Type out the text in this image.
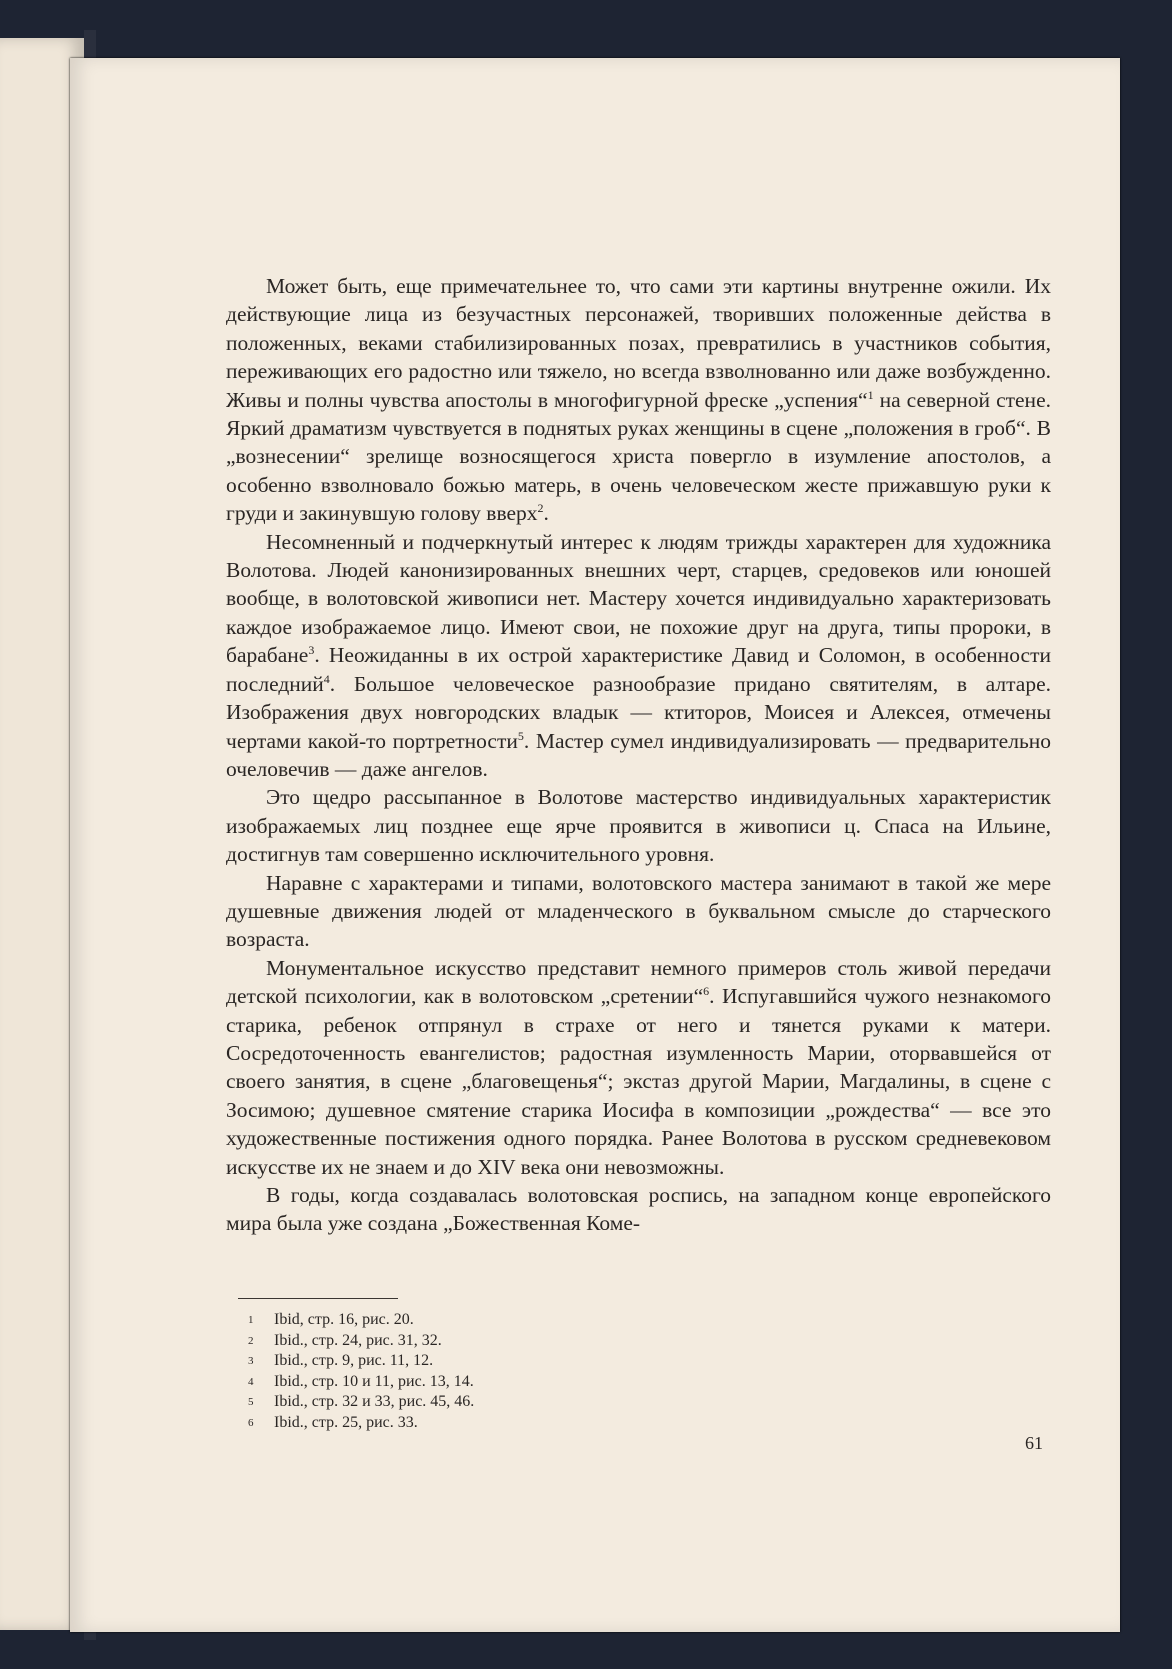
Может быть, еще примечательнее то, что сами эти картины внутренне ожили. Их действующие лица из безучастных персонажей, творивших положенные действа в положенных, веками стабилизированных позах, превратились в участников события, переживающих его радостно или тяжело, но всегда взволнованно или даже возбужденно. Живы и полны чувства апостолы в многофигурной фреске „успения“$^1$ на северной стене. Яркий драматизм чувствуется в поднятых руках женщины в сцене „положения в гроб“. В „вознесении“ зрелище возносящегося христа повергло в изумление апостолов, а особенно взволновало божью матерь, в очень человеческом жесте прижавшую руки к груди и закинувшую голову вверх$^2$.

Несомненный и подчеркнутый интерес к людям трижды характерен для художника Волотова. Людей канонизированных внешних черт, старцев, средовеков или юношей вообще, в волотовской живописи нет. Мастеру хочется индивидуально характеризовать каждое изображаемое лицо. Имеют свои, не похожие друг на друга, типы пророки, в барабане$^3$. Неожиданны в их острой характеристике Давид и Соломон, в особенности последний$^4$. Большое человеческое разнообразие придано святителям, в алтаре. Изображения двух новгородских владык — ктиторов, Моисея и Алексея, отмечены чертами какой-то портретности$^5$. Мастер сумел индивидуализировать — предварительно очеловечив — даже ангелов.

Это щедро рассыпанное в Волотове мастерство индивидуальных характеристик изображаемых лиц позднее еще ярче проявится в живописи ц. Спаса на Ильине, достигнув там совершенно исключительного уровня.

Наравне с характерами и типами, волотовского мастера занимают в такой же мере душевные движения людей от младенческого в буквальном смысле до старческого возраста.

Монументальное искусство представит немного примеров столь живой передачи детской психологии, как в волотовском „сретении“$^6$. Испугавшийся чужого незнакомого старика, ребенок отпрянул в страхе от него и тянется руками к матери. Сосредоточенность евангелистов; радостная изумленность Марии, оторвавшейся от своего занятия, в сцене „благовещенья“; экстаз другой Марии, Магдалины, в сцене с Зосимою; душевное смятение старика Иосифа в композиции „рождества“ — все это художественные постижения одного порядка. Ранее Волотова в русском средневековом искусстве их не знаем и до XIV века они невозможны.

В годы, когда создавалась волотовская роспись, на западном конце европейского мира была уже создана „Божественная Коме-

1	Ibid, стр. 16, рис. 20.
2	Ibid., стр. 24, рис. 31, 32.
3	Ibid., стр. 9, рис. 11, 12.
4	Ibid., стр. 10 и 11, рис. 13, 14.
5	Ibid., стр. 32 и 33, рис. 45, 46.
6	Ibid., стр. 25, рис. 33.
61
